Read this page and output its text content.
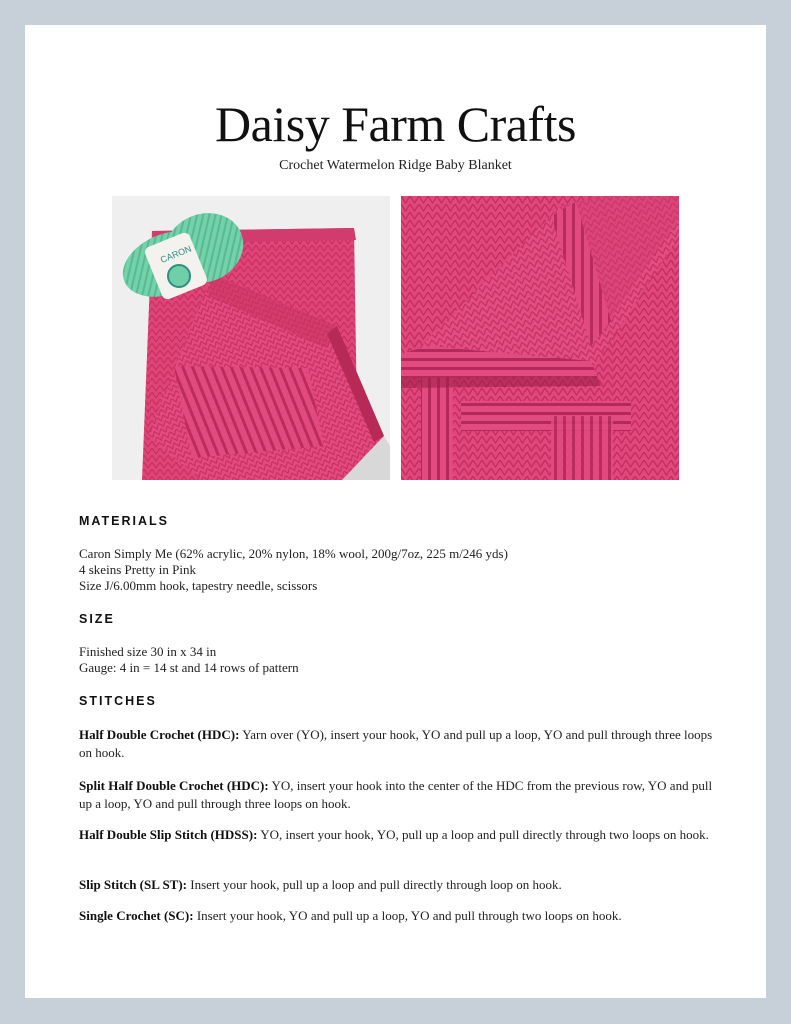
Daisy Farm Crafts
Crochet Watermelon Ridge Baby Blanket
CARON
MATERIALS
Caron Simply Me (62% acrylic, 20% nylon, 18% wool, 200g/7oz, 225 m/246 yds)
4 skeins Pretty in Pink
Size J/6.00mm hook, tapestry needle, scissors
SIZE
Finished size 30 in x 34 in
Gauge: 4 in = 14 st and 14 rows of pattern
STITCHES
Half Double Crochet (HDC): Yarn over (YO), insert your hook, YO and pull up a loop, YO and pull through three loops on hook.
Split Half Double Crochet (HDC): YO, insert your hook into the center of the HDC from the previous row, YO and pull up a loop, YO and pull through three loops on hook.
Half Double Slip Stitch (HDSS): YO, insert your hook, YO, pull up a loop and pull directly through two loops on hook.
Slip Stitch (SL ST): Insert your hook, pull up a loop and pull directly through loop on hook.
Single Crochet (SC): Insert your hook, YO and pull up a loop, YO and pull through two loops on hook.
